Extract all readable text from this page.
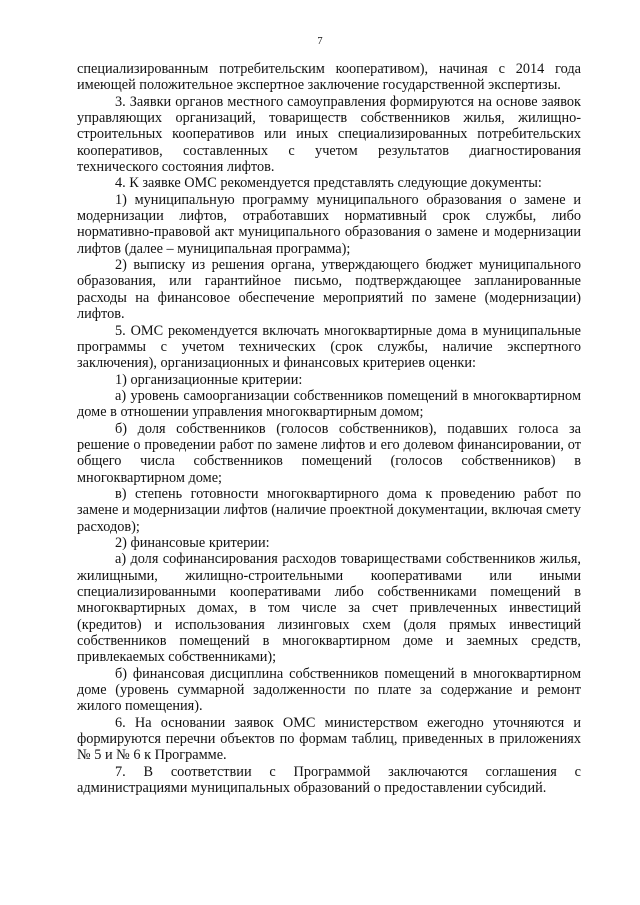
7

специализированным потребительским кооперативом), начиная с 2014 года имеющей положительное экспертное заключение государственной экспертизы.

3. Заявки органов местного самоуправления формируются на основе заявок управляющих организаций, товариществ собственников жилья, жилищно-строительных кооперативов или иных специализированных потребительских кооперативов, составленных с учетом результатов диагностирования технического состояния лифтов.

4. К заявке ОМС рекомендуется представлять следующие документы:

1) муниципальную программу муниципального образования о замене и модернизации лифтов, отработавших нормативный срок службы, либо нормативно-правовой акт муниципального образования о замене и модернизации лифтов (далее – муниципальная программа);

2) выписку из решения органа, утверждающего бюджет муниципального образования, или гарантийное письмо, подтверждающее запланированные расходы на финансовое обеспечение мероприятий по замене (модернизации) лифтов.

5. ОМС рекомендуется включать многоквартирные дома в муниципальные программы с учетом технических (срок службы, наличие экспертного заключения), организационных и финансовых критериев оценки:

1) организационные критерии:

а) уровень самоорганизации собственников помещений в многоквартирном доме в отношении управления многоквартирным домом;

б) доля собственников (голосов собственников), подавших голоса за решение о проведении работ по замене лифтов и его долевом финансировании, от общего числа собственников помещений (голосов собственников) в многоквартирном доме;

в) степень готовности многоквартирного дома к проведению работ по замене и модернизации лифтов (наличие проектной документации, включая смету расходов);

2) финансовые критерии:

а) доля софинансирования расходов товариществами собственников жилья, жилищными, жилищно-строительными кооперативами или иными специализированными кооперативами либо собственниками помещений в многоквартирных домах, в том числе за счет привлеченных инвестиций (кредитов) и использования лизинговых схем (доля прямых инвестиций собственников помещений в многоквартирном доме и заемных средств, привлекаемых собственниками);

б) финансовая дисциплина собственников помещений в многоквартирном доме (уровень суммарной задолженности по плате за содержание и ремонт жилого помещения).

6. На основании заявок ОМС министерством ежегодно уточняются и формируются перечни объектов по формам таблиц, приведенных в приложениях № 5 и № 6 к Программе.

7. В соответствии с Программой заключаются соглашения с администрациями муниципальных образований о предоставлении субсидий.
